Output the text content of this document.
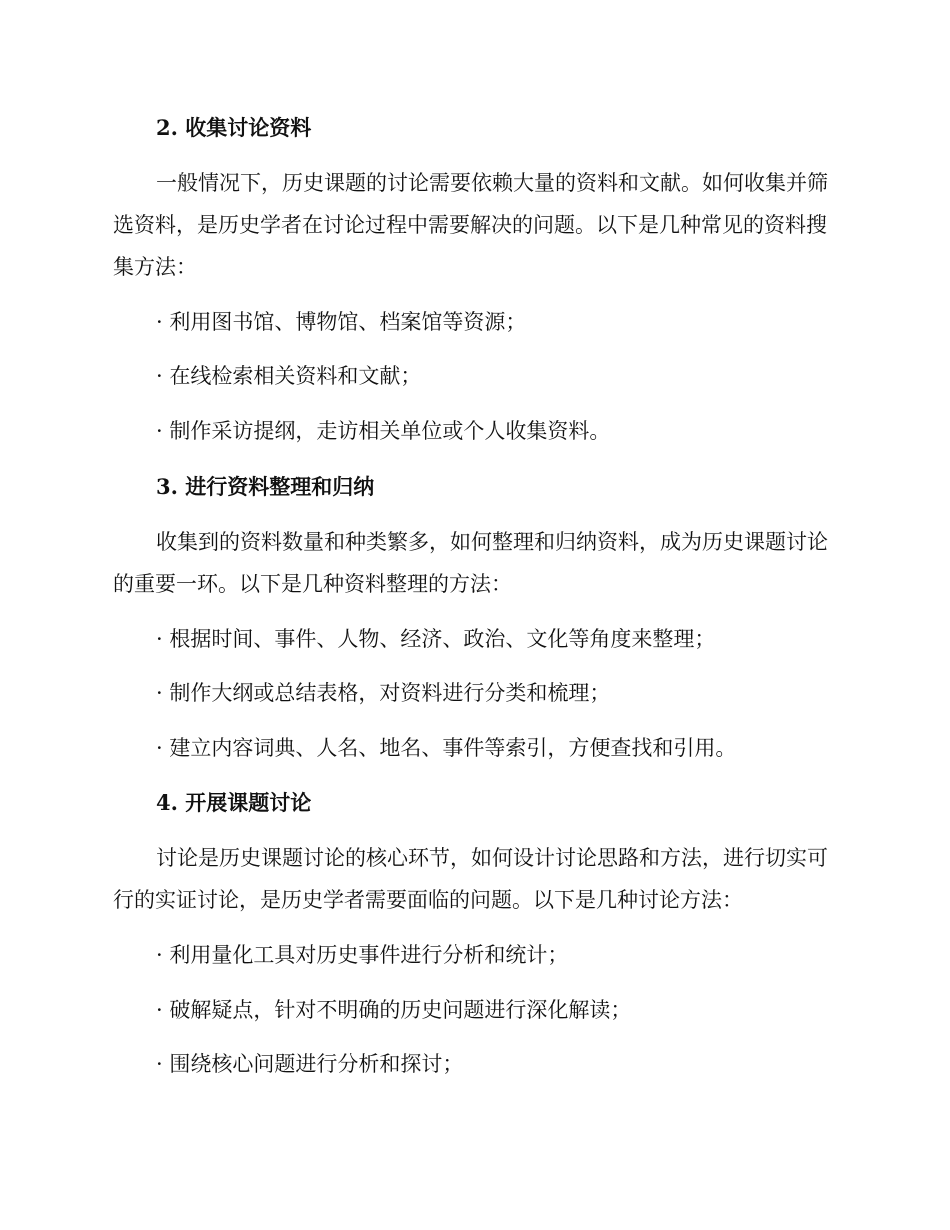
2. 收集讨论资料
一般情况下，历史课题的讨论需要依赖大量的资料和文献。如何收集并筛选资料，是历史学者在讨论过程中需要解决的问题。以下是几种常见的资料搜集方法：
· 利用图书馆、博物馆、档案馆等资源；
· 在线检索相关资料和文献；
· 制作采访提纲，走访相关单位或个人收集资料。
3. 进行资料整理和归纳
收集到的资料数量和种类繁多，如何整理和归纳资料，成为历史课题讨论的重要一环。以下是几种资料整理的方法：
· 根据时间、事件、人物、经济、政治、文化等角度来整理；
· 制作大纲或总结表格，对资料进行分类和梳理；
· 建立内容词典、人名、地名、事件等索引，方便查找和引用。
4. 开展课题讨论
讨论是历史课题讨论的核心环节，如何设计讨论思路和方法，进行切实可行的实证讨论，是历史学者需要面临的问题。以下是几种讨论方法：
· 利用量化工具对历史事件进行分析和统计；
· 破解疑点，针对不明确的历史问题进行深化解读；
· 围绕核心问题进行分析和探讨；
